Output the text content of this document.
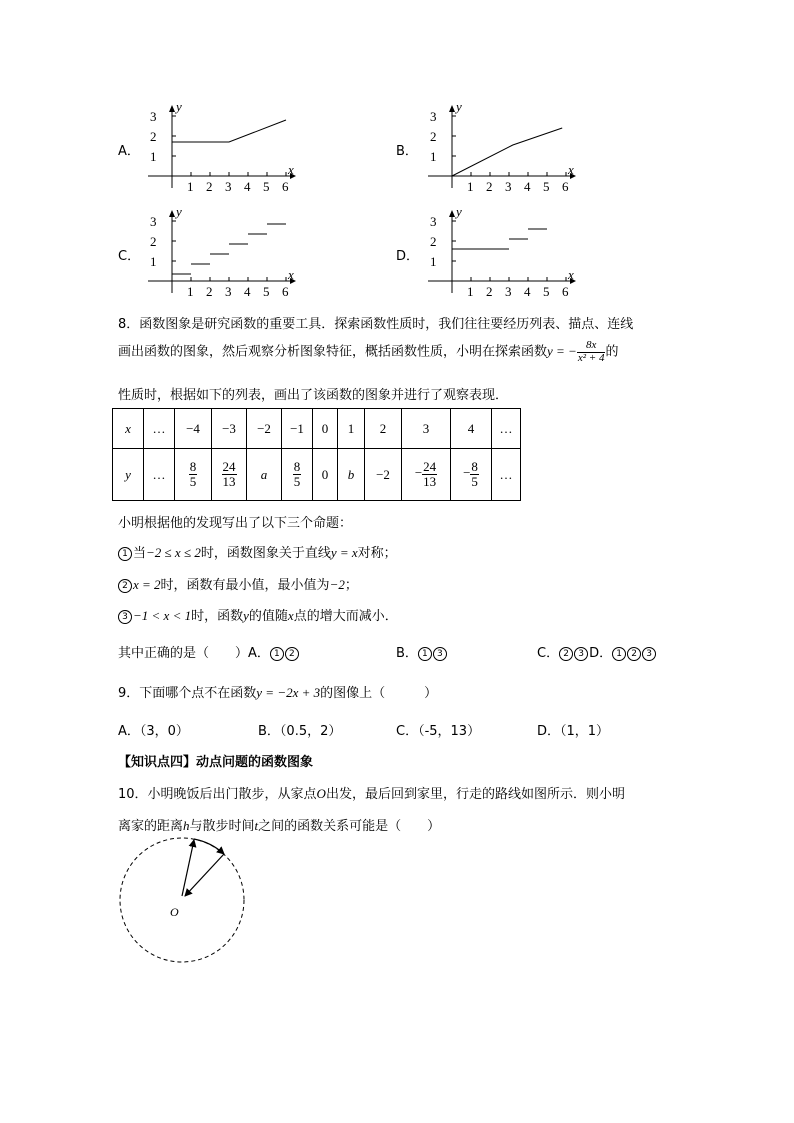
A．	B．
C．	D．
x
y
1 2 3 4 5 6
1
2
3
x
y
1 2 3 4 5 6
1
2
3
x
y
1 2 3 4 5 6
1
2
3
x
y
1 2 3 4 5 6
1
2
3
8．函数图象是研究函数的重要工具．探索函数性质时，我们往往要经历列表、描点、连线
画出函数的图象，然后观察分析图象特征，概括函数性质，小明在探索函数y = − $\frac{8x}{\text{x² + 4}}$ 的
性质时，根据如下的列表，画出了该函数的图象并进行了观察表现．
x	…	−4	−3	−2	−1	0	1	2	3	4	…
y	…	$\frac{8}{5}$	$\frac{24}{13}$	a	$\frac{8}{5}$	0	b	−2	− $\frac{24}{13}$	− $\frac{8}{5}$	…
小明根据他的发现写出了以下三个命题：
1 当−2 ≤ x ≤ 2时，函数图象关于直线y = x对称；
2 x = 2时，函数有最小值，最小值为−2；
3 −1 < x < 1时，函数y的值随x点的增大而减小．
其中正确的是（　　）A． 1 2	B． 1 3	C． 2 3 D． 1 2 3
9．下面哪个点不在函数y = −2x + 3的图像上（　　　）
A．（3，0）	B．（0.5，2）	C．（-5，13）	D．（1，1）
【知识点四】动点问题的函数图象
10．小明晚饭后出门散步，从家点O出发，最后回到家里，行走的路线如图所示．则小明
离家的距离h与散步时间t之间的函数关系可能是（　　）
O
